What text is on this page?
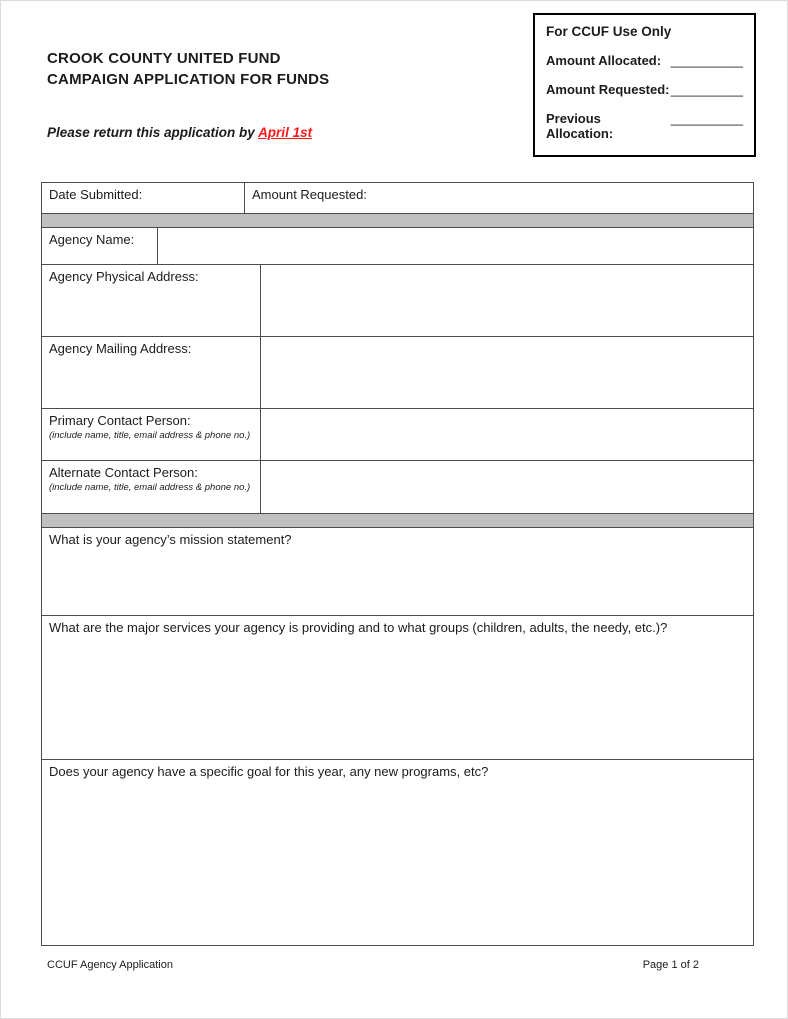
CROOK COUNTY UNITED FUND
CAMPAIGN APPLICATION FOR FUNDS
Please return this application by April 1st
For CCUF Use Only
Amount Allocated: __________
Amount Requested: __________
Previous Allocation:
__________
Date Submitted:	Amount Requested:
Agency Name:
Agency Physical Address:
Agency Mailing Address:
Primary Contact Person:
(include name, title, email address & phone no.)
Alternate Contact Person:
(include name, title, email address & phone no.)
What is your agency’s mission statement?
What are the major services your agency is providing and to what groups (children, adults, the needy, etc.)?
Does your agency have a specific goal for this year, any new programs, etc?
CCUF Agency Application	Page 1 of 2
